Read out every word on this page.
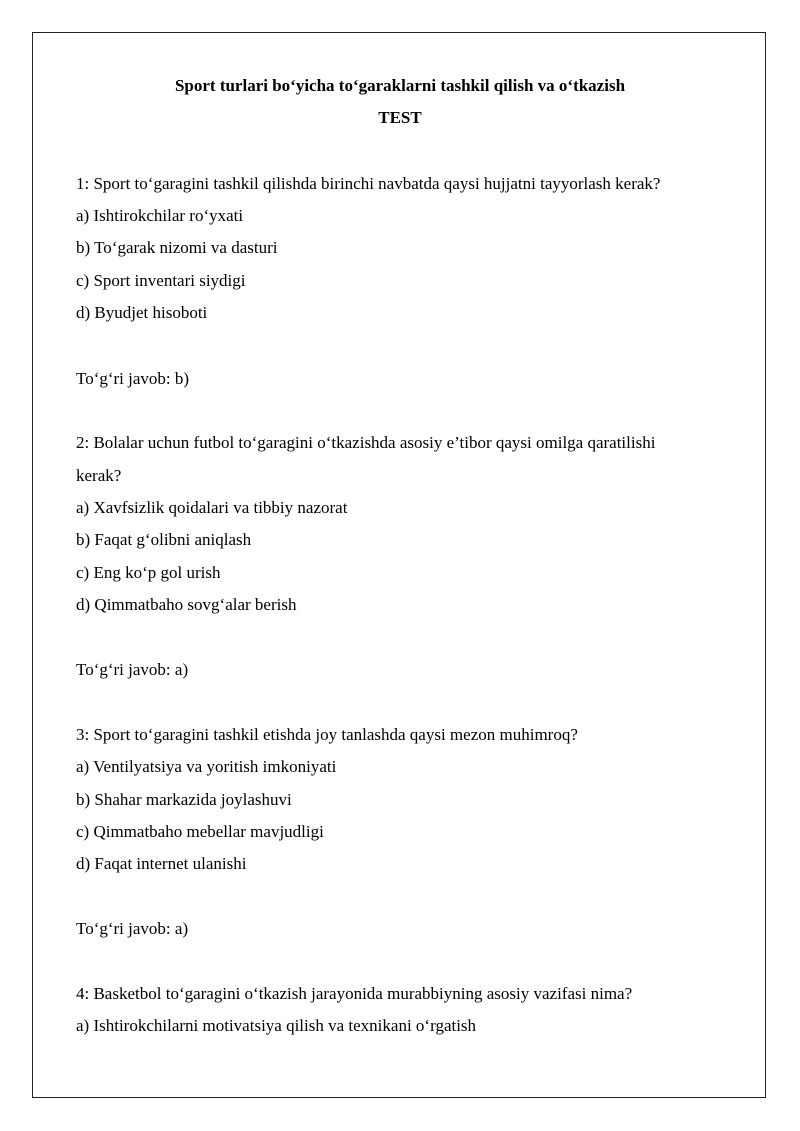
Sport turlari bo‘yicha to‘garaklarni tashkil qilish va o‘tkazish
TEST
1: Sport to‘garagini tashkil qilishda birinchi navbatda qaysi hujjatni tayyorlash kerak?
a) Ishtirokchilar ro‘yxati
b) To‘garak nizomi va dasturi
c) Sport inventari siydigi
d) Byudjet hisoboti
To‘g‘ri javob: b)
2: Bolalar uchun futbol to‘garagini o‘tkazishda asosiy e’tibor qaysi omilga qaratilishi
kerak?
a) Xavfsizlik qoidalari va tibbiy nazorat
b) Faqat g‘olibni aniqlash
c) Eng ko‘p gol urish
d) Qimmatbaho sovg‘alar berish
To‘g‘ri javob: a)
3: Sport to‘garagini tashkil etishda joy tanlashda qaysi mezon muhimroq?
a) Ventilyatsiya va yoritish imkoniyati
b) Shahar markazida joylashuvi
c) Qimmatbaho mebellar mavjudligi
d) Faqat internet ulanishi
To‘g‘ri javob: a)
4: Basketbol to‘garagini o‘tkazish jarayonida murabbiyning asosiy vazifasi nima?
a) Ishtirokchilarni motivatsiya qilish va texnikani o‘rgatish
